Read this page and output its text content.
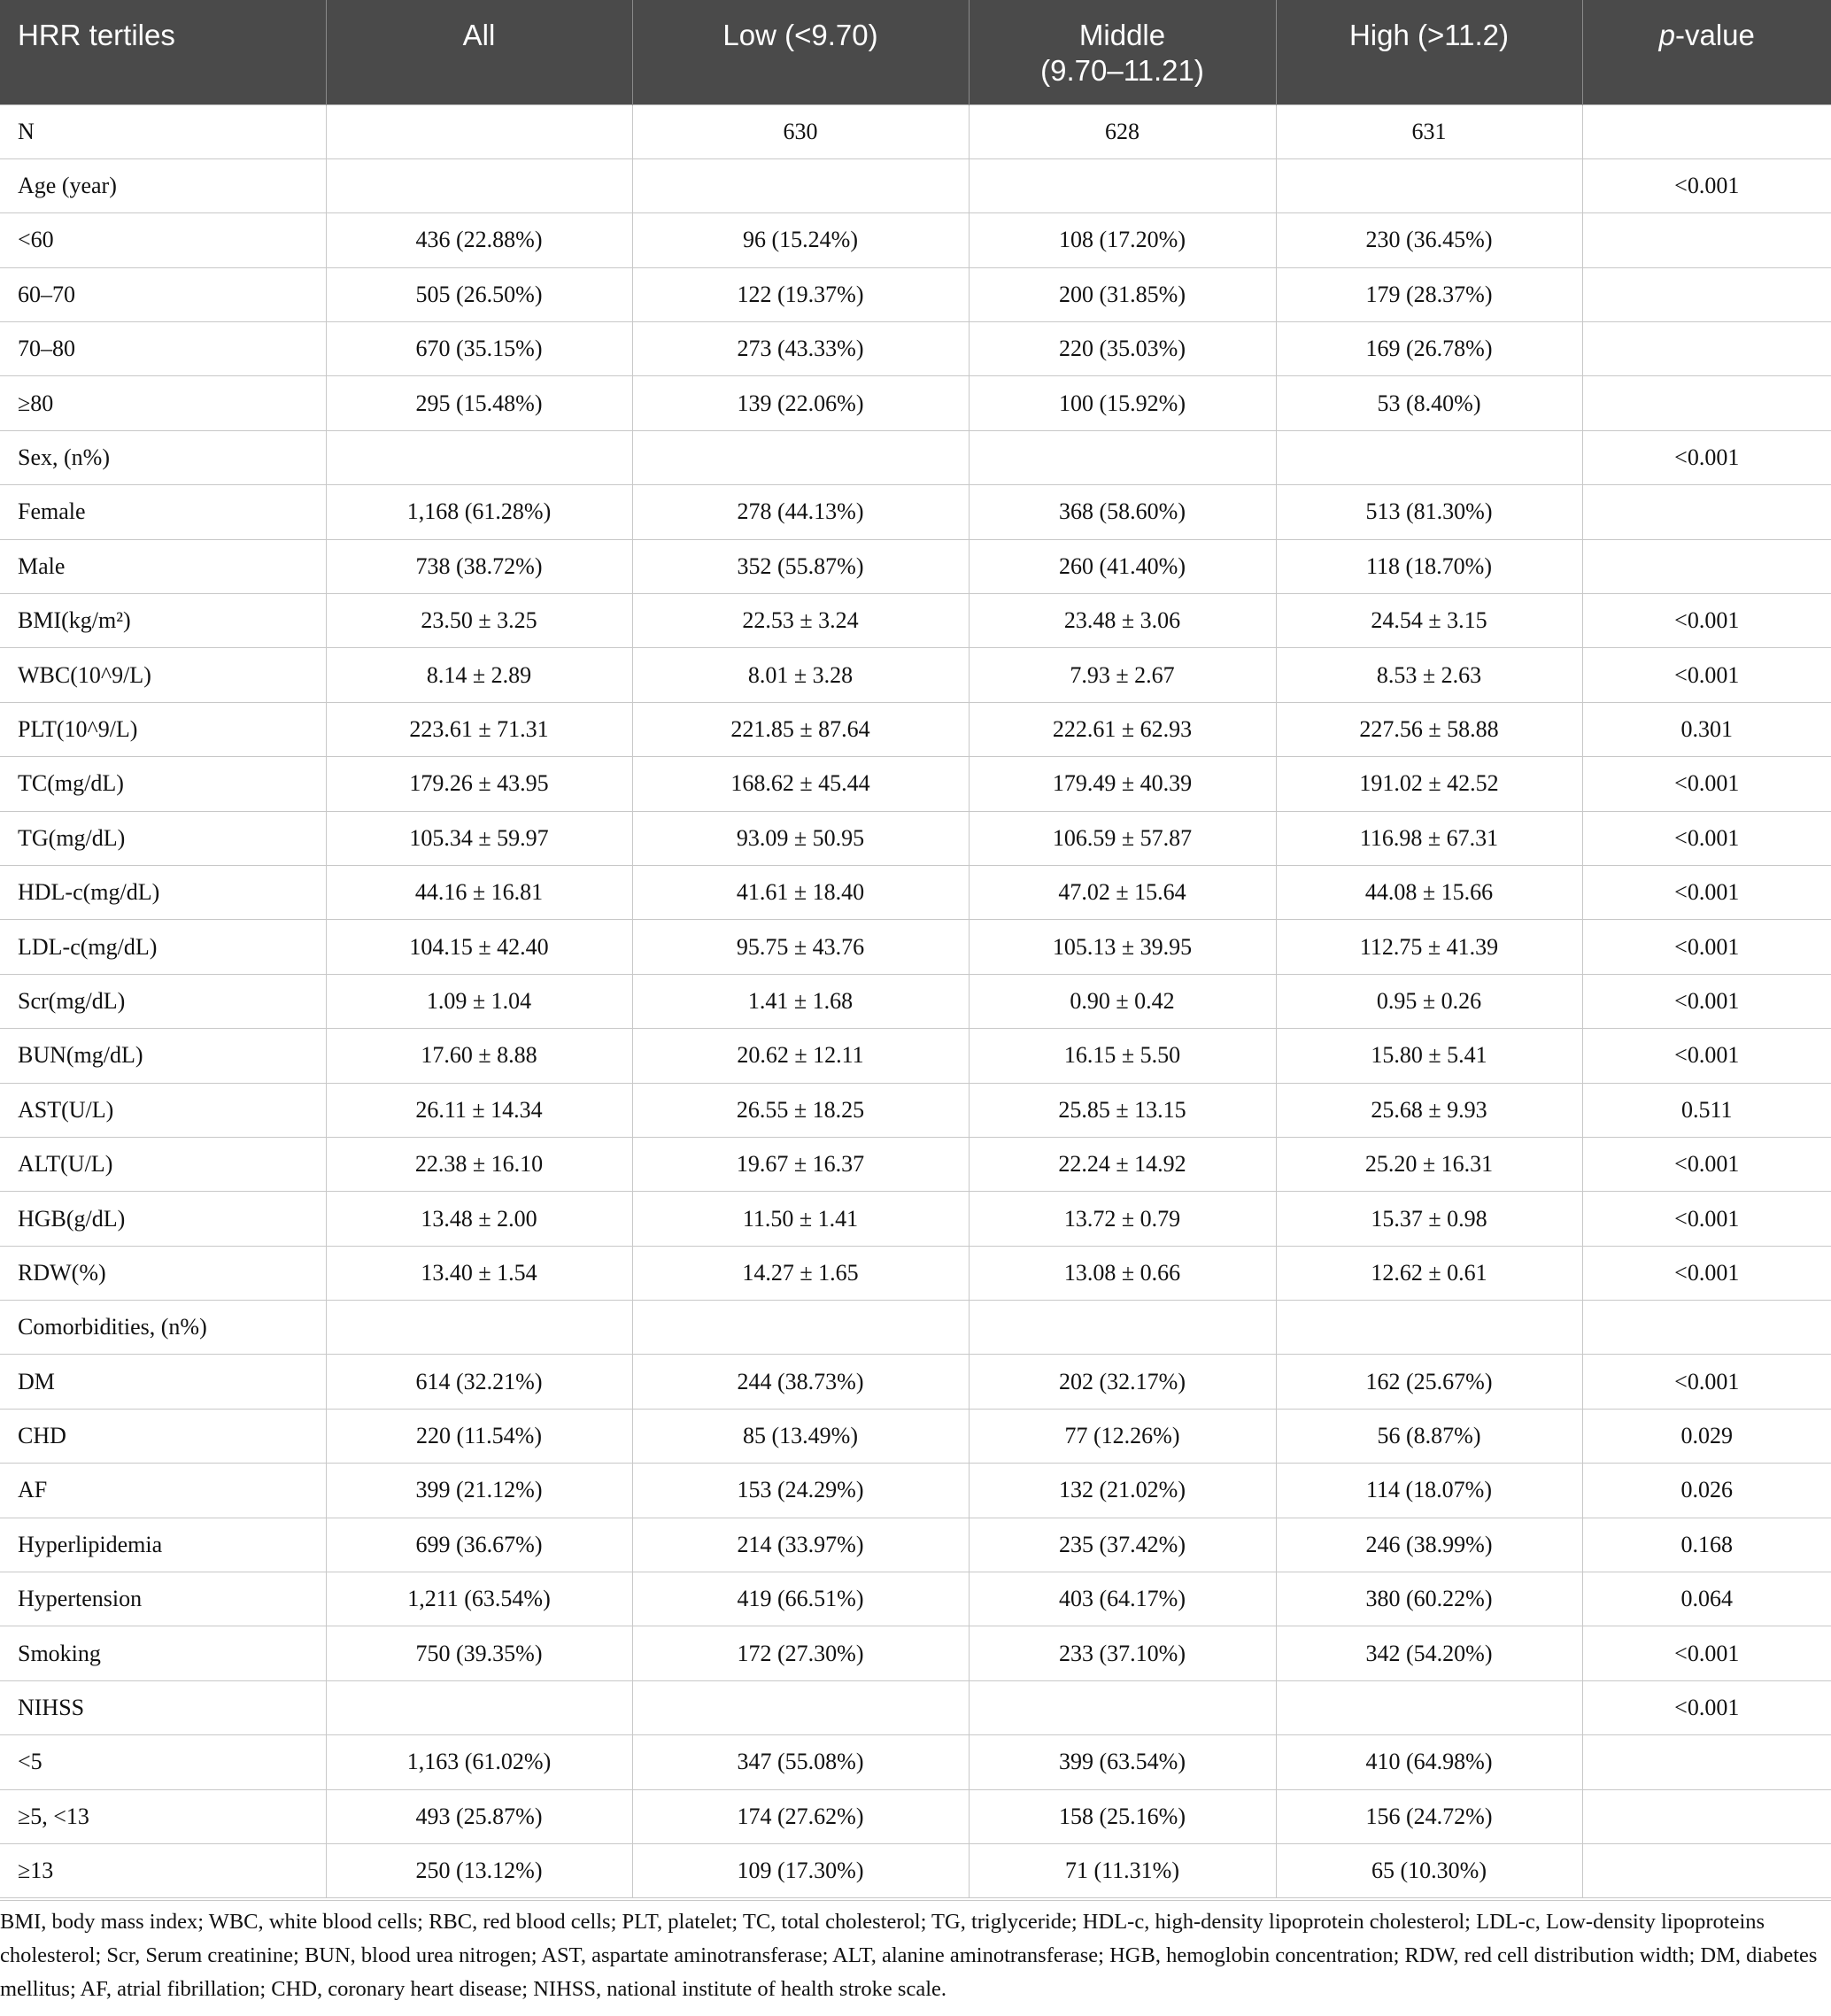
HRR tertiles	All	Low (<9.70)	Middle
(9.70–11.21)	High (>11.2)	p-value
N		630	628	631	
Age (year)					<0.001
<60	436 (22.88%)	96 (15.24%)	108 (17.20%)	230 (36.45%)	
60–70	505 (26.50%)	122 (19.37%)	200 (31.85%)	179 (28.37%)	
70–80	670 (35.15%)	273 (43.33%)	220 (35.03%)	169 (26.78%)	
≥80	295 (15.48%)	139 (22.06%)	100 (15.92%)	53 (8.40%)	
Sex, (n%)					<0.001
Female	1,168 (61.28%)	278 (44.13%)	368 (58.60%)	513 (81.30%)	
Male	738 (38.72%)	352 (55.87%)	260 (41.40%)	118 (18.70%)	
BMI(kg/m²)	23.50 ± 3.25	22.53 ± 3.24	23.48 ± 3.06	24.54 ± 3.15	<0.001
WBC(10^9/L)	8.14 ± 2.89	8.01 ± 3.28	7.93 ± 2.67	8.53 ± 2.63	<0.001
PLT(10^9/L)	223.61 ± 71.31	221.85 ± 87.64	222.61 ± 62.93	227.56 ± 58.88	0.301
TC(mg/dL)	179.26 ± 43.95	168.62 ± 45.44	179.49 ± 40.39	191.02 ± 42.52	<0.001
TG(mg/dL)	105.34 ± 59.97	93.09 ± 50.95	106.59 ± 57.87	116.98 ± 67.31	<0.001
HDL-c(mg/dL)	44.16 ± 16.81	41.61 ± 18.40	47.02 ± 15.64	44.08 ± 15.66	<0.001
LDL-c(mg/dL)	104.15 ± 42.40	95.75 ± 43.76	105.13 ± 39.95	112.75 ± 41.39	<0.001
Scr(mg/dL)	1.09 ± 1.04	1.41 ± 1.68	0.90 ± 0.42	0.95 ± 0.26	<0.001
BUN(mg/dL)	17.60 ± 8.88	20.62 ± 12.11	16.15 ± 5.50	15.80 ± 5.41	<0.001
AST(U/L)	26.11 ± 14.34	26.55 ± 18.25	25.85 ± 13.15	25.68 ± 9.93	0.511
ALT(U/L)	22.38 ± 16.10	19.67 ± 16.37	22.24 ± 14.92	25.20 ± 16.31	<0.001
HGB(g/dL)	13.48 ± 2.00	11.50 ± 1.41	13.72 ± 0.79	15.37 ± 0.98	<0.001
RDW(%)	13.40 ± 1.54	14.27 ± 1.65	13.08 ± 0.66	12.62 ± 0.61	<0.001
Comorbidities, (n%)					
DM	614 (32.21%)	244 (38.73%)	202 (32.17%)	162 (25.67%)	<0.001
CHD	220 (11.54%)	85 (13.49%)	77 (12.26%)	56 (8.87%)	0.029
AF	399 (21.12%)	153 (24.29%)	132 (21.02%)	114 (18.07%)	0.026
Hyperlipidemia	699 (36.67%)	214 (33.97%)	235 (37.42%)	246 (38.99%)	0.168
Hypertension	1,211 (63.54%)	419 (66.51%)	403 (64.17%)	380 (60.22%)	0.064
Smoking	750 (39.35%)	172 (27.30%)	233 (37.10%)	342 (54.20%)	<0.001
NIHSS					<0.001
<5	1,163 (61.02%)	347 (55.08%)	399 (63.54%)	410 (64.98%)	
≥5, <13	493 (25.87%)	174 (27.62%)	158 (25.16%)	156 (24.72%)	
≥13	250 (13.12%)	109 (17.30%)	71 (11.31%)	65 (10.30%)	

BMI, body mass index; WBC, white blood cells; RBC, red blood cells; PLT, platelet; TC, total cholesterol; TG, triglyceride; HDL-c, high-density lipoprotein cholesterol; LDL-c, Low-density lipoproteins cholesterol; Scr, Serum creatinine; BUN, blood urea nitrogen; AST, aspartate aminotransferase; ALT, alanine aminotransferase; HGB, hemoglobin concentration; RDW, red cell distribution width; DM, diabetes mellitus; AF, atrial fibrillation; CHD, coronary heart disease; NIHSS, national institute of health stroke scale.
